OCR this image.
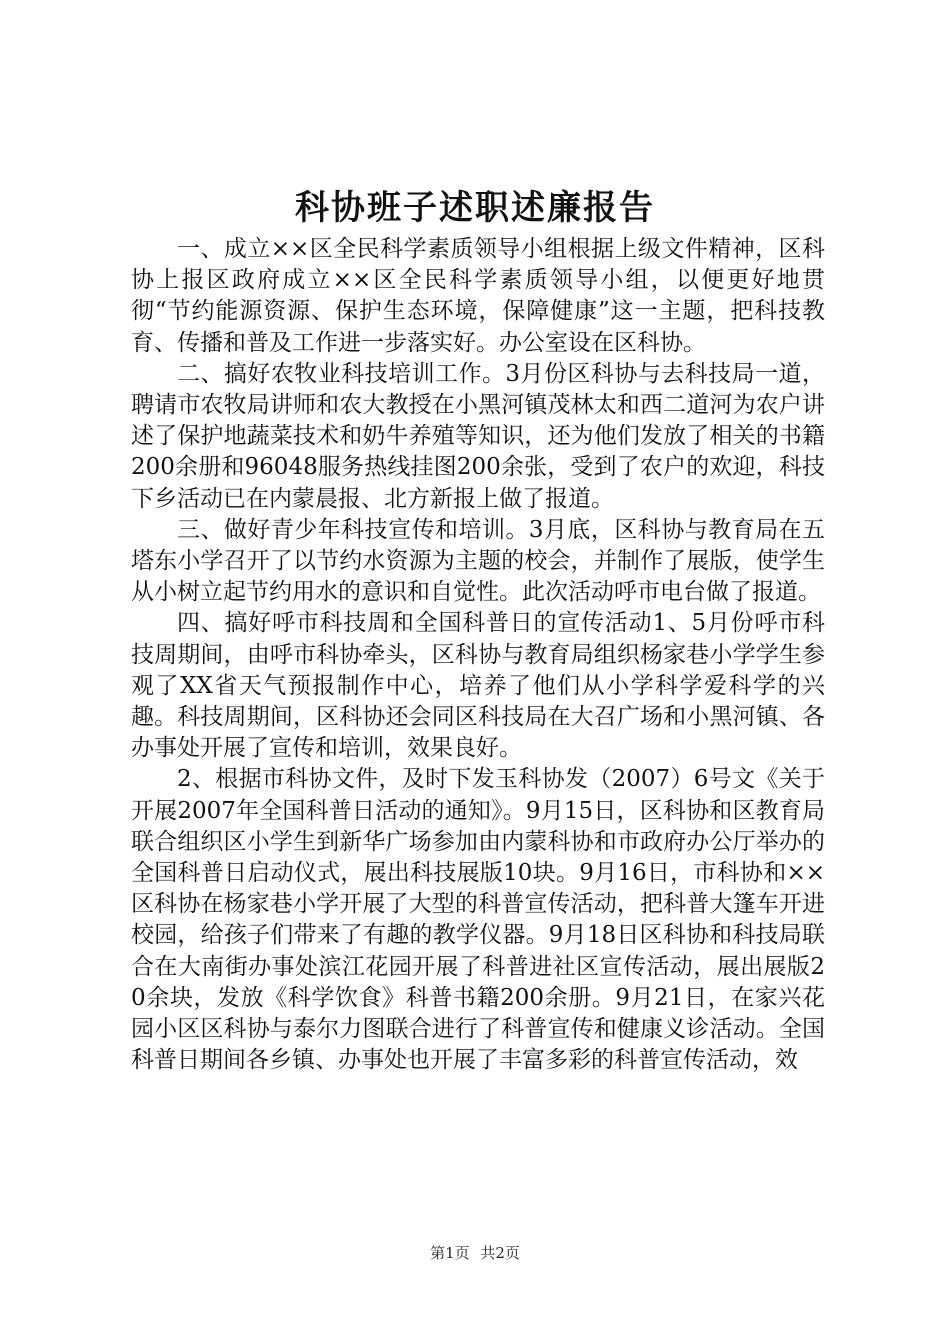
科协班子述职述廉报告

一、成立××区全民科学素质领导小组根据上级文件精神，区科协上报区政府成立××区全民科学素质领导小组，以便更好地贯彻“节约能源资源、保护生态环境，保障健康”这一主题，把科技教育、传播和普及工作进一步落实好。办公室设在区科协。

二、搞好农牧业科技培训工作。3月份区科协与去科技局一道，聘请市农牧局讲师和农大教授在小黑河镇茂林太和西二道河为农户讲述了保护地蔬菜技术和奶牛养殖等知识，还为他们发放了相关的书籍200余册和96048服务热线挂图200余张，受到了农户的欢迎，科技下乡活动已在内蒙晨报、北方新报上做了报道。

三、做好青少年科技宣传和培训。3月底，区科协与教育局在五塔东小学召开了以节约水资源为主题的校会，并制作了展版，使学生从小树立起节约用水的意识和自觉性。此次活动呼市电台做了报道。

四、搞好呼市科技周和全国科普日的宣传活动1、5月份呼市科技周期间，由呼市科协牵头，区科协与教育局组织杨家巷小学学生参观了XX省天气预报制作中心，培养了他们从小学科学爱科学的兴趣。科技周期间，区科协还会同区科技局在大召广场和小黑河镇、各办事处开展了宣传和培训，效果良好。

2、根据市科协文件，及时下发玉科协发（2007）6号文《关于开展2007年全国科普日活动的通知》。9月15日，区科协和区教育局联合组织区小学生到新华广场参加由内蒙科协和市政府办公厅举办的全国科普日启动仪式，展出科技展版10块。9月16日，市科协和××区科协在杨家巷小学开展了大型的科普宣传活动，把科普大篷车开进校园，给孩子们带来了有趣的教学仪器。9月18日区科协和科技局联合在大南街办事处滨江花园开展了科普进社区宣传活动，展出展版20余块，发放《科学饮食》科普书籍200余册。9月21日，在家兴花园小区区科协与泰尔力图联合进行了科普宣传和健康义诊活动。全国科普日期间各乡镇、办事处也开展了丰富多彩的科普宣传活动，效

第1页 共2页
